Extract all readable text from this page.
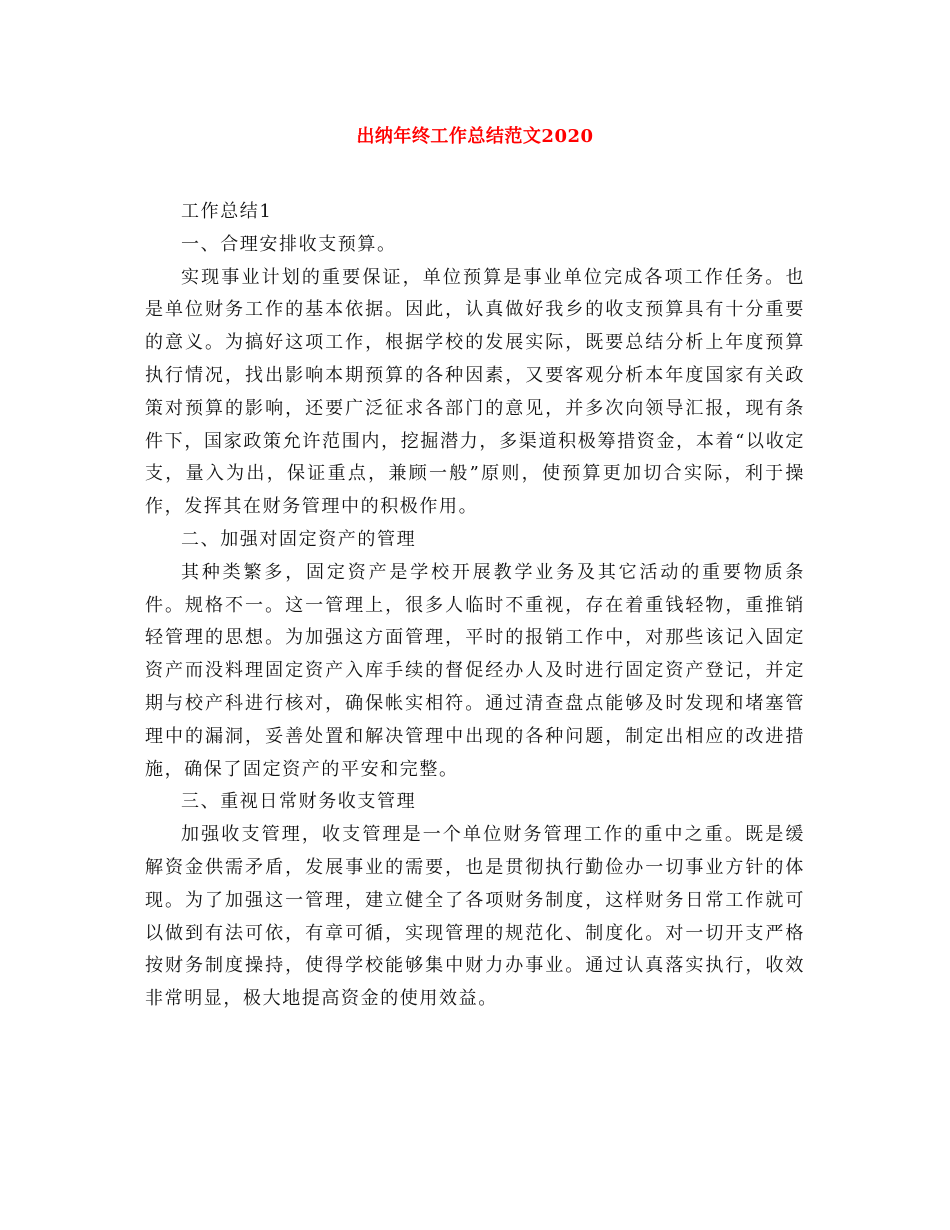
出纳年终工作总结范文2020

工作总结1

一、合理安排收支预算。

实现事业计划的重要保证，单位预算是事业单位完成各项工作任务。也是单位财务工作的基本依据。因此，认真做好我乡的收支预算具有十分重要的意义。为搞好这项工作，根据学校的发展实际，既要总结分析上年度预算执行情况，找出影响本期预算的各种因素，又要客观分析本年度国家有关政策对预算的影响，还要广泛征求各部门的意见，并多次向领导汇报，现有条件下，国家政策允许范围内，挖掘潜力，多渠道积极筹措资金，本着“以收定支，量入为出，保证重点，兼顾一般”原则，使预算更加切合实际，利于操作，发挥其在财务管理中的积极作用。

二、加强对固定资产的管理

其种类繁多，固定资产是学校开展教学业务及其它活动的重要物质条件。规格不一。这一管理上，很多人临时不重视，存在着重钱轻物，重推销轻管理的思想。为加强这方面管理，平时的报销工作中，对那些该记入固定资产而没料理固定资产入库手续的督促经办人及时进行固定资产登记，并定期与校产科进行核对，确保帐实相符。通过清查盘点能够及时发现和堵塞管理中的漏洞，妥善处置和解决管理中出现的各种问题，制定出相应的改进措施，确保了固定资产的平安和完整。

三、重视日常财务收支管理

加强收支管理，收支管理是一个单位财务管理工作的重中之重。既是缓解资金供需矛盾，发展事业的需要，也是贯彻执行勤俭办一切事业方针的体现。为了加强这一管理，建立健全了各项财务制度，这样财务日常工作就可以做到有法可依，有章可循，实现管理的规范化、制度化。对一切开支严格按财务制度操持，使得学校能够集中财力办事业。通过认真落实执行，收效非常明显，极大地提高资金的使用效益。
